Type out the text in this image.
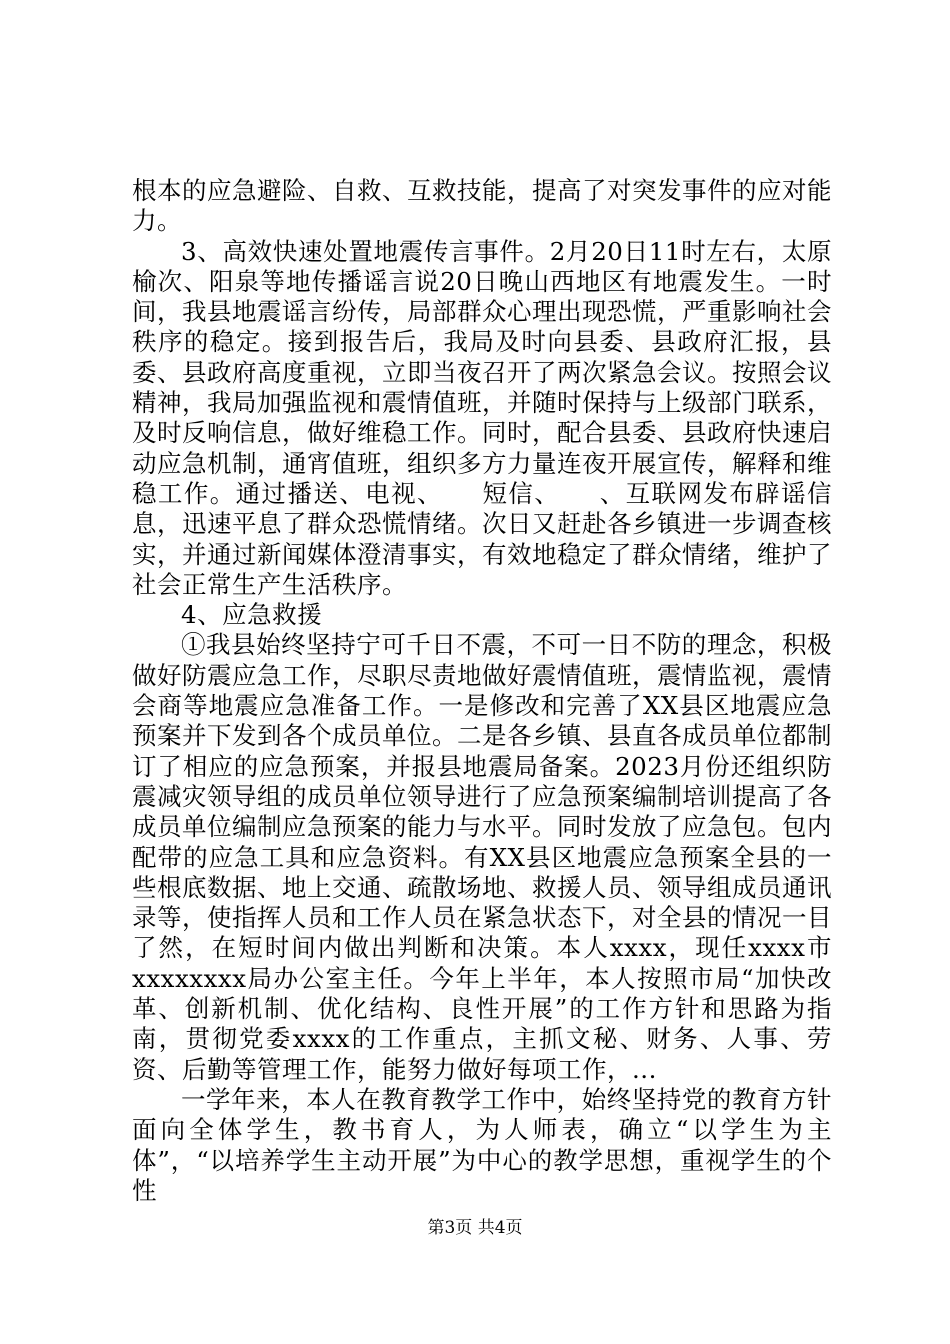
根本的应急避险、自救、互救技能，提高了对突发事件的应对能力。

3、高效快速处置地震传言事件。2月20日11时左右，太原榆次、阳泉等地传播谣言说20日晚山西地区有地震发生。一时间，我县地震谣言纷传，局部群众心理出现恐慌，严重影响社会秩序的稳定。接到报告后，我局及时向县委、县政府汇报，县委、县政府高度重视，立即当夜召开了两次紧急会议。按照会议精神，我局加强监视和震情值班，并随时保持与上级部门联系，及时反响信息，做好维稳工作。同时，配合县委、县政府快速启动应急机制，通宵值班，组织多方力量连夜开展宣传，解释和维稳工作。通过播送、电视、　　短信、　　、互联网发布辟谣信息，迅速平息了群众恐慌情绪。次日又赶赴各乡镇进一步调查核实，并通过新闻媒体澄清事实，有效地稳定了群众情绪，维护了社会正常生产生活秩序。

4、应急救援

①我县始终坚持宁可千日不震，不可一日不防的理念，积极做好防震应急工作，尽职尽责地做好震情值班，震情监视，震情会商等地震应急准备工作。一是修改和完善了XX县区地震应急预案并下发到各个成员单位。二是各乡镇、县直各成员单位都制订了相应的应急预案，并报县地震局备案。2023月份还组织防震减灾领导组的成员单位领导进行了应急预案编制培训提高了各成员单位编制应急预案的能力与水平。同时发放了应急包。包内配带的应急工具和应急资料。有XX县区地震应急预案全县的一些根底数据、地上交通、疏散场地、救援人员、领导组成员通讯录等，使指挥人员和工作人员在紧急状态下，对全县的情况一目了然，在短时间内做出判断和决策。本人xxxx，现任xxxx市xxxxxxxx局办公室主任。今年上半年，本人按照市局“加快改革、创新机制、优化结构、良性开展”的工作方针和思路为指南，贯彻党委xxxx的工作重点，主抓文秘、财务、人事、劳资、后勤等管理工作，能努力做好每项工作，...

一学年来，本人在教育教学工作中，始终坚持党的教育方针面向全体学生，教书育人，为人师表，确立“以学生为主体”，“以培养学生主动开展”为中心的教学思想，重视学生的个性

第3页 共4页
